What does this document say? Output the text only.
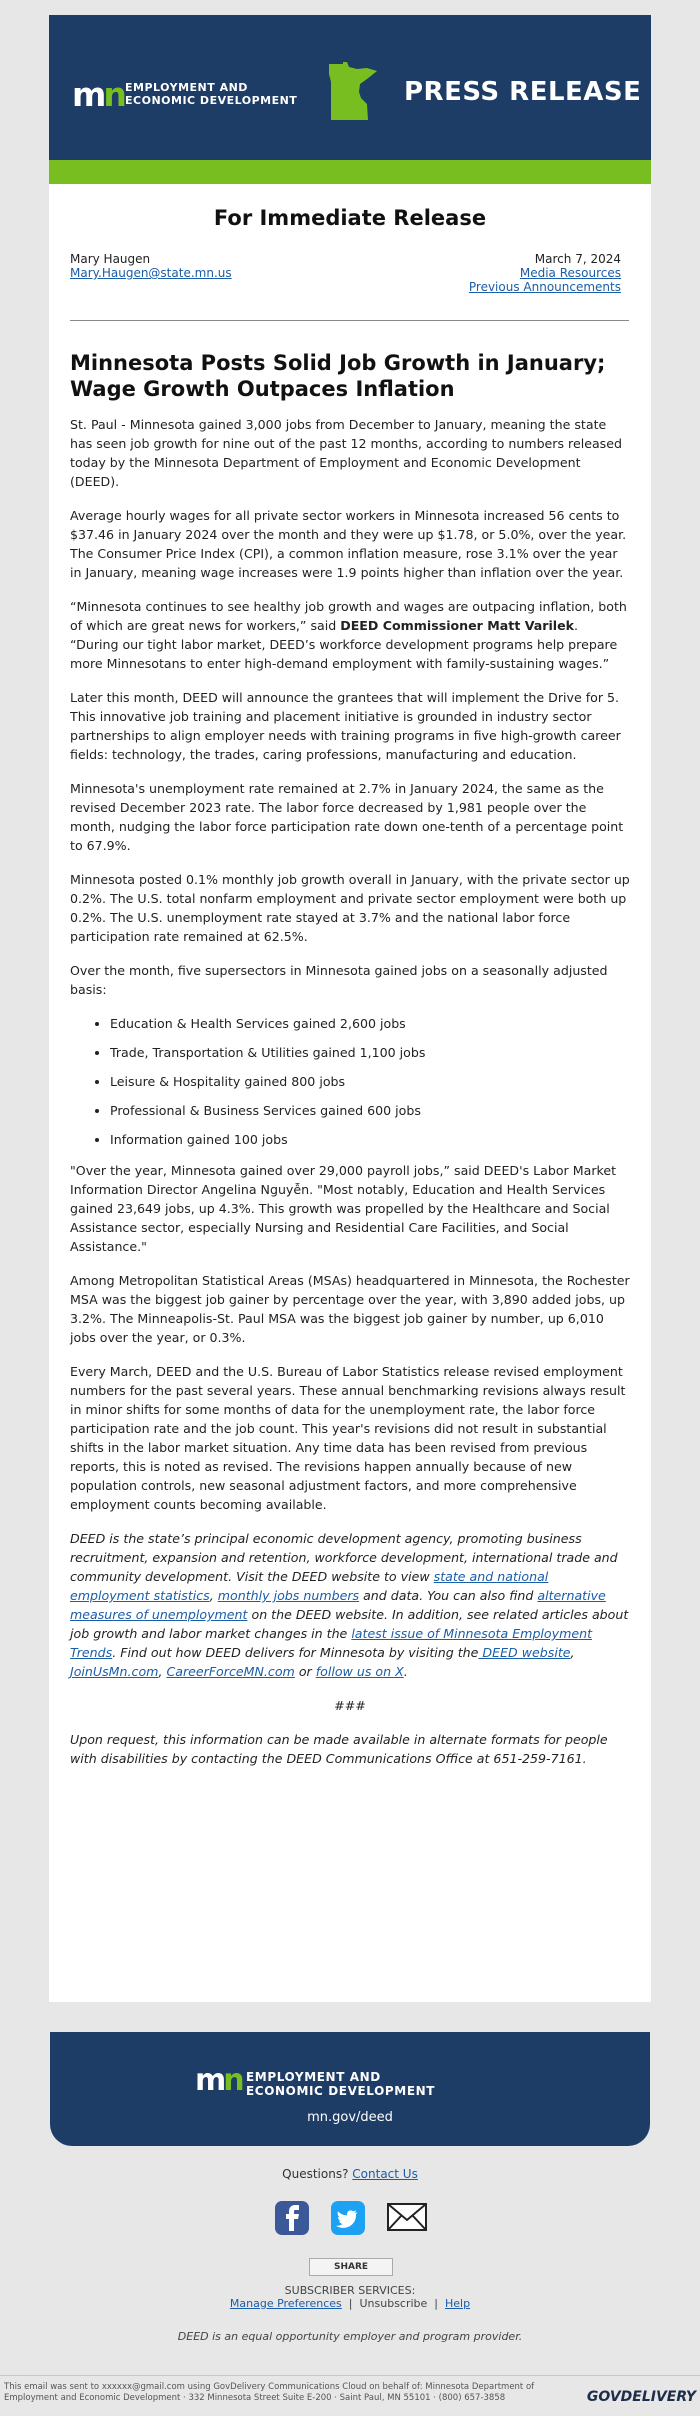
mn EMPLOYMENT AND
ECONOMIC DEVELOPMENT	PRESS RELEASE
For Immediate Release
Mary Haugen
Mary.Haugen@state.mn.us
March 7, 2024
Media Resources
Previous Announcements
Minnesota Posts Solid Job Growth in January; Wage Growth Outpaces Inflation

St. Paul - Minnesota gained 3,000 jobs from December to January, meaning the state has seen job growth for nine out of the past 12 months, according to numbers released today by the Minnesota Department of Employment and Economic Development (DEED).

Average hourly wages for all private sector workers in Minnesota increased 56 cents to $37.46 in January 2024 over the month and they were up $1.78, or 5.0%, over the year. The Consumer Price Index (CPI), a common inflation measure, rose 3.1% over the year in January, meaning wage increases were 1.9 points higher than inflation over the year.

“Minnesota continues to see healthy job growth and wages are outpacing inflation, both of which are great news for workers,” said DEED Commissioner Matt Varilek. “During our tight labor market, DEED’s workforce development programs help prepare more Minnesotans to enter high-demand employment with family-sustaining wages.”

Later this month, DEED will announce the grantees that will implement the Drive for 5. This innovative job training and placement initiative is grounded in industry sector partnerships to align employer needs with training programs in five high-growth career fields: technology, the trades, caring professions, manufacturing and education.

Minnesota's unemployment rate remained at 2.7% in January 2024, the same as the revised December 2023 rate. The labor force decreased by 1,981 people over the month, nudging the labor force participation rate down one-tenth of a percentage point to 67.9%.

Minnesota posted 0.1% monthly job growth overall in January, with the private sector up 0.2%. The U.S. total nonfarm employment and private sector employment were both up 0.2%. The U.S. unemployment rate stayed at 3.7% and the national labor force participation rate remained at 62.5%.

Over the month, five supersectors in Minnesota gained jobs on a seasonally adjusted basis:

• Education & Health Services gained 2,600 jobs
• Trade, Transportation & Utilities gained 1,100 jobs
• Leisure & Hospitality gained 800 jobs
• Professional & Business Services gained 600 jobs
• Information gained 100 jobs

"Over the year, Minnesota gained over 29,000 payroll jobs,” said DEED's Labor Market Information Director Angelina Nguyễn. "Most notably, Education and Health Services gained 23,649 jobs, up 4.3%. This growth was propelled by the Healthcare and Social Assistance sector, especially Nursing and Residential Care Facilities, and Social Assistance."

Among Metropolitan Statistical Areas (MSAs) headquartered in Minnesota, the Rochester MSA was the biggest job gainer by percentage over the year, with 3,890 added jobs, up 3.2%. The Minneapolis-St. Paul MSA was the biggest job gainer by number, up 6,010 jobs over the year, or 0.3%.

Every March, DEED and the U.S. Bureau of Labor Statistics release revised employment numbers for the past several years. These annual benchmarking revisions always result in minor shifts for some months of data for the unemployment rate, the labor force participation rate and the job count. This year's revisions did not result in substantial shifts in the labor market situation. Any time data has been revised from previous reports, this is noted as revised. The revisions happen annually because of new population controls, new seasonal adjustment factors, and more comprehensive employment counts becoming available.

DEED is the state’s principal economic development agency, promoting business recruitment, expansion and retention, workforce development, international trade and community development. Visit the DEED website to view state and national employment statistics, monthly jobs numbers and data. You can also find alternative measures of unemployment on the DEED website. In addition, see related articles about job growth and labor market changes in the latest issue of Minnesota Employment Trends. Find out how DEED delivers for Minnesota by visiting the DEED website, JoinUsMn.com, CareerForceMN.com or follow us on X.

###

Upon request, this information can be made available in alternate formats for people with disabilities by contacting the DEED Communications Office at 651-259-7161.

mn EMPLOYMENT AND
ECONOMIC DEVELOPMENT
mn.gov/deed
Questions? Contact Us
SHARE
SUBSCRIBER SERVICES:
Manage Preferences  |  Unsubscribe  |  Help
DEED is an equal opportunity employer and program provider.
This email was sent to xxxxxx@gmail.com using GovDelivery Communications Cloud on behalf of: Minnesota Department of Employment and Economic Development · 332 Minnesota Street Suite E-200 · Saint Paul, MN 55101 · (800) 657-3858	GOVDELIVERY
